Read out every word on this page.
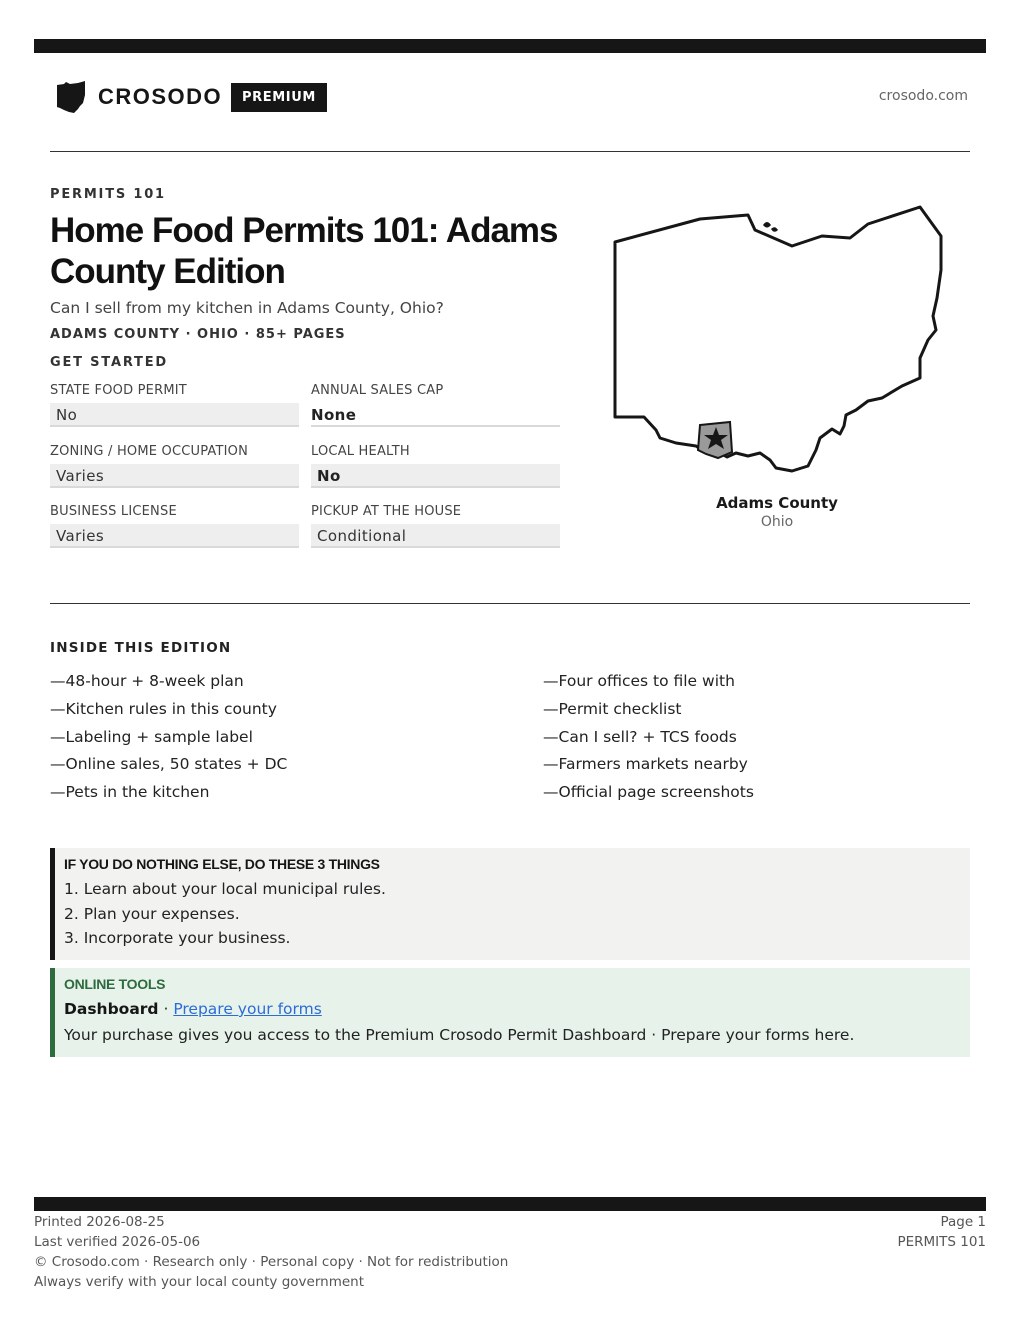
CROSODO	PREMIUM	crosodo.com
PERMITS 101
Home Food Permits 101: Adams County Edition
Can I sell from my kitchen in Adams County, Ohio?
ADAMS COUNTY · OHIO · 85+ PAGES
GET STARTED
STATE FOOD PERMIT
No
ANNUAL SALES CAP
None
ZONING / HOME OCCUPATION
Varies
LOCAL HEALTH
No
BUSINESS LICENSE
Varies
PICKUP AT THE HOUSE
Conditional
Adams County
Ohio
INSIDE THIS EDITION
—48-hour + 8-week plan
—Kitchen rules in this county
—Labeling + sample label
—Online sales, 50 states + DC
—Pets in the kitchen
—Four offices to file with
—Permit checklist
—Can I sell? + TCS foods
—Farmers markets nearby
—Official page screenshots
IF YOU DO NOTHING ELSE, DO THESE 3 THINGS
1. Learn about your local municipal rules.
2. Plan your expenses.
3. Incorporate your business.
ONLINE TOOLS
Dashboard · Prepare your forms
Your purchase gives you access to the Premium Crosodo Permit Dashboard · Prepare your forms here.
Printed 2026-08-25
Last verified 2026-05-06
© Crosodo.com · Research only · Personal copy · Not for redistribution
Always verify with your local county government
Page 1
PERMITS 101
